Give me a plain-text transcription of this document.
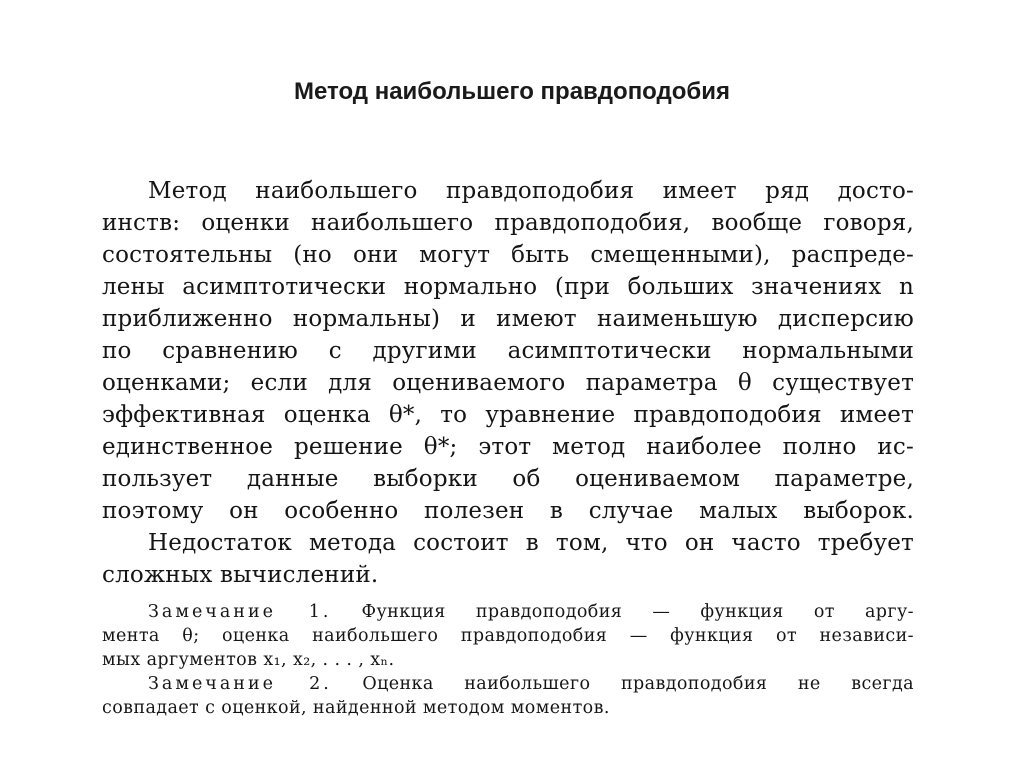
Метод наибольшего правдоподобия
Метод наибольшего правдоподобия имеет ряд досто-
инств: оценки наибольшего правдоподобия, вообще говоря,
состоятельны (но они могут быть смещенными), распреде-
лены асимптотически нормально (при больших значениях n
приближенно нормальны) и имеют наименьшую дисперсию
по сравнению с другими асимптотически нормальными
оценками; если для оцениваемого параметра θ существует
эффективная оценка θ*, то уравнение правдоподобия имеет
единственное решение θ*; этот метод наиболее полно ис-
пользует данные выборки об оцениваемом параметре,
поэтому он особенно полезен в случае малых выборок.
Недостаток метода состоит в том, что он часто требует
сложных вычислений.
Замечание 1. Функция правдоподобия — функция от аргу-
мента θ; оценка наибольшего правдоподобия — функция от независи-
мых аргументов x₁, x₂, . . . , xₙ.
Замечание 2. Оценка наибольшего правдоподобия не всегда
совпадает с оценкой, найденной методом моментов.
